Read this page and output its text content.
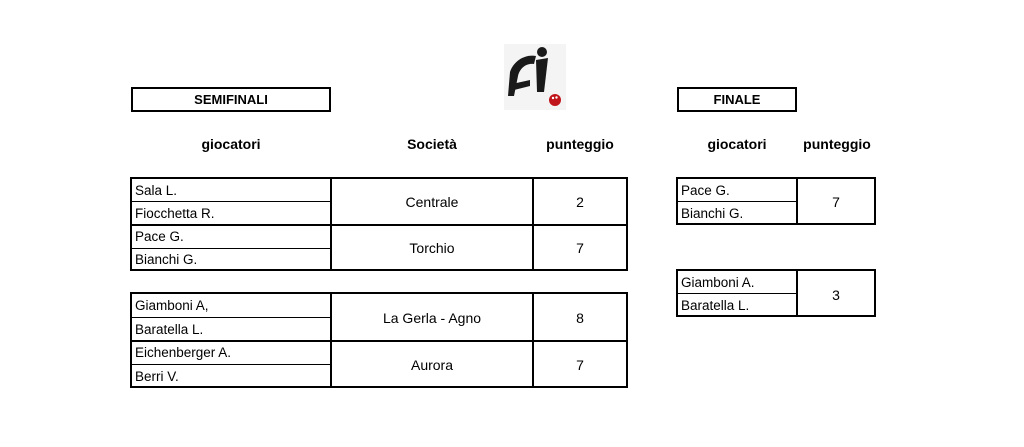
SEMIFINALI	FINALE
giocatori	Società	punteggio	giocatori	punteggio
Sala L.
Fiocchetta R.
Centrale	2
Pace G.
Bianchi G.
Torchio	7
Giamboni A,
Baratella L.
La Gerla - Agno	8
Eichenberger A.
Berri V.
Aurora	7
Pace G.
Bianchi G.
7
Giamboni A.
Baratella L.
3
